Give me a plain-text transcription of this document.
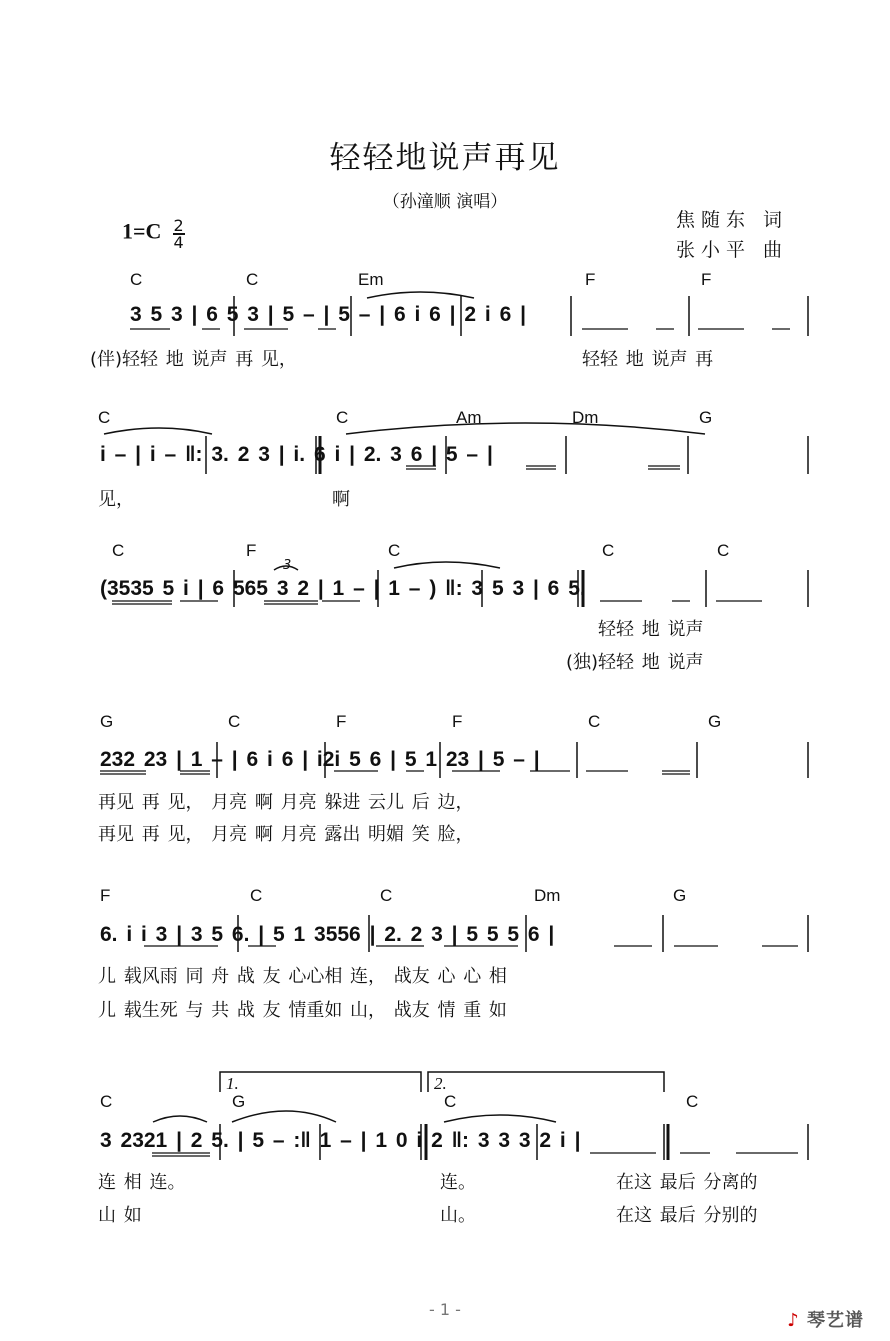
轻轻地说声再见
（孙潼顺 演唱）
焦随东 词
张小平 曲
$1=C \frac{2}{4}$
C	C	Em	F	F
3 5 3 | 6 5 3 | 5 – | 5 – | 6 i 6 | 2 i 6 |
(伴)轻轻 地 说声 再 见，	轻轻 地 说声 再
C	C	Am	Dm	G
i – | i – ‖: 3. 2 3 | i. 6 i | 2. 3 6 | 5 – |
见，	啊
C	F	C	C	C
3
(3535 5 i | 6 565 3 2 | 1 – | 1 – ) ‖: 3 5 3 | 6 5.
轻轻 地 说声
(独)轻轻 地 说声
G	C	F	F	C	G
232 23 | 1 – | 6 i 6 | i2i 5 6 | 5 1 23 | 5 – |
再见 再 见， 月亮 啊 月亮 躲进 云儿 后 边，
再见 再 见， 月亮 啊 月亮 露出 明媚 笑 脸，
F	C	C	Dm	G
6. i i 3 | 3 5 6. | 5 1 3556 | 2. 2 3 | 5 5 5 6 |
儿 载风雨 同 舟 战 友 心心相 连， 战友 心 心 相
儿 载生死 与 共 战 友 情重如 山， 战友 情 重 如
1.	2.
C	G	C	C
3 2321 | 2 5. | 5 – :‖ 1 – | 1 0 i 2 ‖: 3 3 3 2 i |
连 相 连。	连。	在这 最后 分离的
山 如	山。	在这 最后 分别的
- 1 -
♪ 琴艺谱
